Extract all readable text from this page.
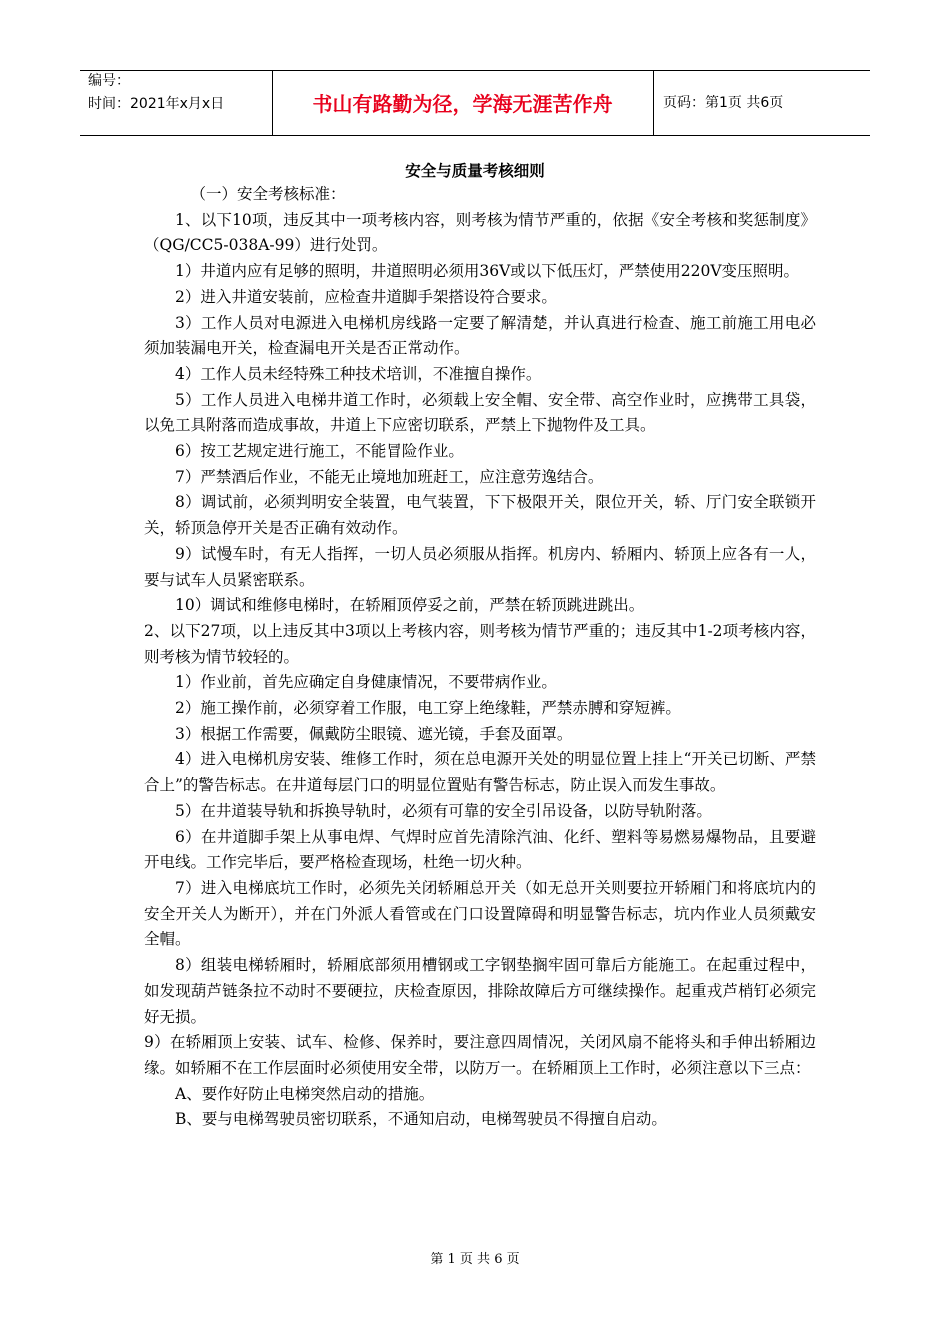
编号：
时间：2021年x月x日	书山有路勤为径，学海无涯苦作舟	页码：第1页 共6页
安全与质量考核细则

（一）安全考核标准：

1、以下10项，违反其中一项考核内容，则考核为情节严重的，依据《安全考核和奖惩制度》（QG/CC5-038A-99）进行处罚。

1）井道内应有足够的照明，井道照明必须用36V或以下低压灯，严禁使用220V变压照明。

2）进入井道安装前，应检查井道脚手架搭设符合要求。

3）工作人员对电源进入电梯机房线路一定要了解清楚，并认真进行检查、施工前施工用电必须加装漏电开关，检查漏电开关是否正常动作。

4）工作人员未经特殊工种技术培训，不准擅自操作。

5）工作人员进入电梯井道工作时，必须载上安全帽、安全带、高空作业时，应携带工具袋，以免工具附落而造成事故，井道上下应密切联系，严禁上下抛物件及工具。

6）按工艺规定进行施工，不能冒险作业。

7）严禁酒后作业，不能无止境地加班赶工，应注意劳逸结合。

8）调试前，必须判明安全装置，电气装置，下下极限开关，限位开关，轿、厅门安全联锁开关，轿顶急停开关是否正确有效动作。

9）试慢车时，有无人指挥，一切人员必须服从指挥。机房内、轿厢内、轿顶上应各有一人，要与试车人员紧密联系。

10）调试和维修电梯时，在轿厢顶停妥之前，严禁在轿顶跳进跳出。

2、以下27项，以上违反其中3项以上考核内容，则考核为情节严重的；违反其中1-2项考核内容，则考核为情节较轻的。

1）作业前，首先应确定自身健康情况，不要带病作业。

2）施工操作前，必须穿着工作服，电工穿上绝缘鞋，严禁赤膊和穿短裤。

3）根据工作需要，佩戴防尘眼镜、遮光镜，手套及面罩。

4）进入电梯机房安装、维修工作时，须在总电源开关处的明显位置上挂上“开关已切断、严禁合上”的警告标志。在井道每层门口的明显位置贴有警告标志，防止误入而发生事故。

5）在井道装导轨和拆换导轨时，必须有可靠的安全引吊设备，以防导轨附落。

6）在井道脚手架上从事电焊、气焊时应首先清除汽油、化纤、塑料等易燃易爆物品，且要避开电线。工作完毕后，要严格检查现场，杜绝一切火种。

7）进入电梯底坑工作时，必须先关闭轿厢总开关（如无总开关则要拉开轿厢门和将底坑内的安全开关人为断开），并在门外派人看管或在门口设置障碍和明显警告标志，坑内作业人员须戴安全帽。

8）组装电梯轿厢时，轿厢底部须用槽钢或工字钢垫搁牢固可靠后方能施工。在起重过程中，如发现葫芦链条拉不动时不要硬拉，庆检查原因，排除故障后方可继续操作。起重戎芦梢钉必须完好无损。

9）在轿厢顶上安装、试车、检修、保养时，要注意四周情况，关闭风扇不能将头和手伸出轿厢边缘。如轿厢不在工作层面时必须使用安全带，以防万一。在轿厢顶上工作时，必须注意以下三点：

A、要作好防止电梯突然启动的措施。

B、要与电梯驾驶员密切联系，不通知启动，电梯驾驶员不得擅自启动。

第 1 页 共 6 页
